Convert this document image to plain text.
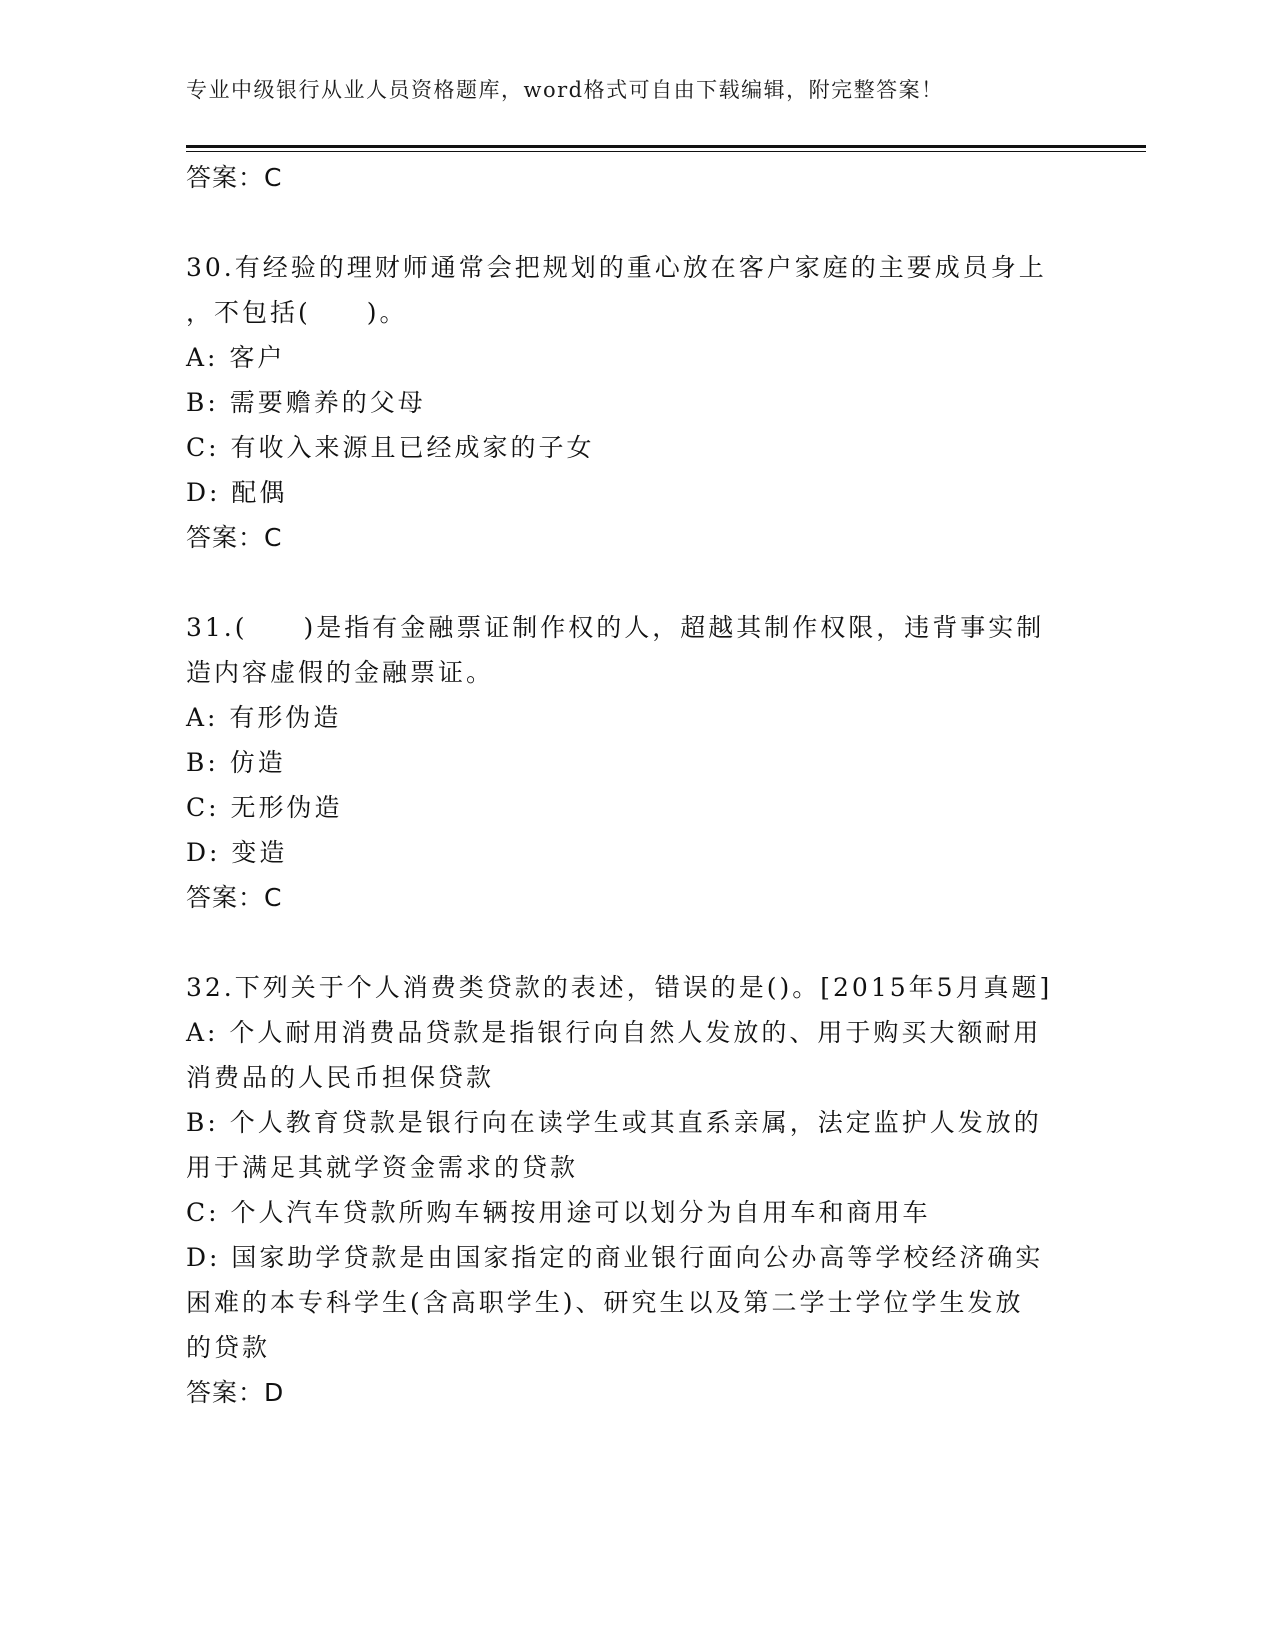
专业中级银行从业人员资格题库，word格式可自由下载编辑，附完整答案！
答案：C
30.有经验的理财师通常会把规划的重心放在客户家庭的主要成员身上
，不包括(　　)。
A: 客户
B: 需要赡养的父母
C: 有收入来源且已经成家的子女
D: 配偶
答案：C
31.(　　)是指有金融票证制作权的人，超越其制作权限，违背事实制
造内容虚假的金融票证。
A: 有形伪造
B: 仿造
C: 无形伪造
D: 变造
答案：C
32.下列关于个人消费类贷款的表述，错误的是()。[2015年5月真题]
A: 个人耐用消费品贷款是指银行向自然人发放的、用于购买大额耐用
消费品的人民币担保贷款
B: 个人教育贷款是银行向在读学生或其直系亲属，法定监护人发放的
用于满足其就学资金需求的贷款
C: 个人汽车贷款所购车辆按用途可以划分为自用车和商用车
D: 国家助学贷款是由国家指定的商业银行面向公办高等学校经济确实
困难的本专科学生(含高职学生)、研究生以及第二学士学位学生发放
的贷款
答案：D
